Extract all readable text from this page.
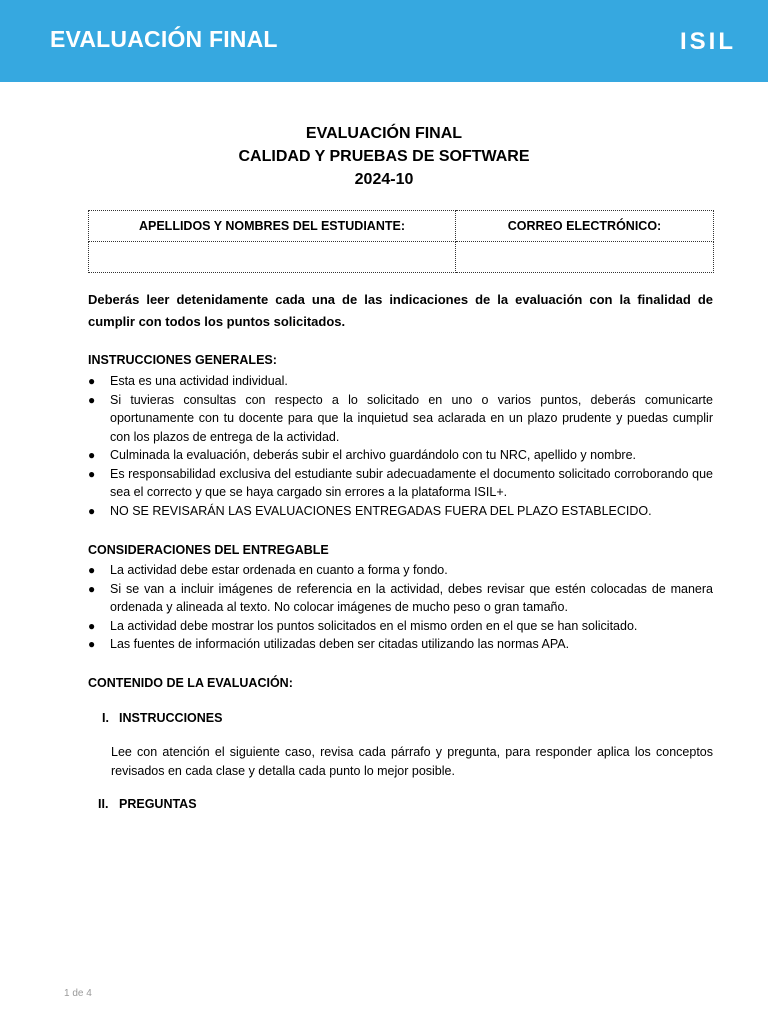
EVALUACIÓN FINAL	ISIL
EVALUACIÓN FINAL
CALIDAD Y PRUEBAS DE SOFTWARE
2024-10
APELLIDOS Y NOMBRES DEL ESTUDIANTE:	CORREO ELECTRÓNICO:

Deberás leer detenidamente cada una de las indicaciones de la evaluación con la finalidad de cumplir con todos los puntos solicitados.
INSTRUCCIONES GENERALES:
● Esta es una actividad individual.
● Si tuvieras consultas con respecto a lo solicitado en uno o varios puntos, deberás comunicarte oportunamente con tu docente para que la inquietud sea aclarada en un plazo prudente y puedas cumplir con los plazos de entrega de la actividad.
● Culminada la evaluación, deberás subir el archivo guardándolo con tu NRC, apellido y nombre.
● Es responsabilidad exclusiva del estudiante subir adecuadamente el documento solicitado corroborando que sea el correcto y que se haya cargado sin errores a la plataforma ISIL+.
● NO SE REVISARÁN LAS EVALUACIONES ENTREGADAS FUERA DEL PLAZO ESTABLECIDO.
CONSIDERACIONES DEL ENTREGABLE
● La actividad debe estar ordenada en cuanto a forma y fondo.
● Si se van a incluir imágenes de referencia en la actividad, debes revisar que estén colocadas de manera ordenada y alineada al texto. No colocar imágenes de mucho peso o gran tamaño.
● La actividad debe mostrar los puntos solicitados en el mismo orden en el que se han solicitado.
● Las fuentes de información utilizadas deben ser citadas utilizando las normas APA.
CONTENIDO DE LA EVALUACIÓN:
I. INSTRUCCIONES
Lee con atención el siguiente caso, revisa cada párrafo y pregunta, para responder aplica los conceptos revisados en cada clase y detalla cada punto lo mejor posible.
II. PREGUNTAS
1 de 4
